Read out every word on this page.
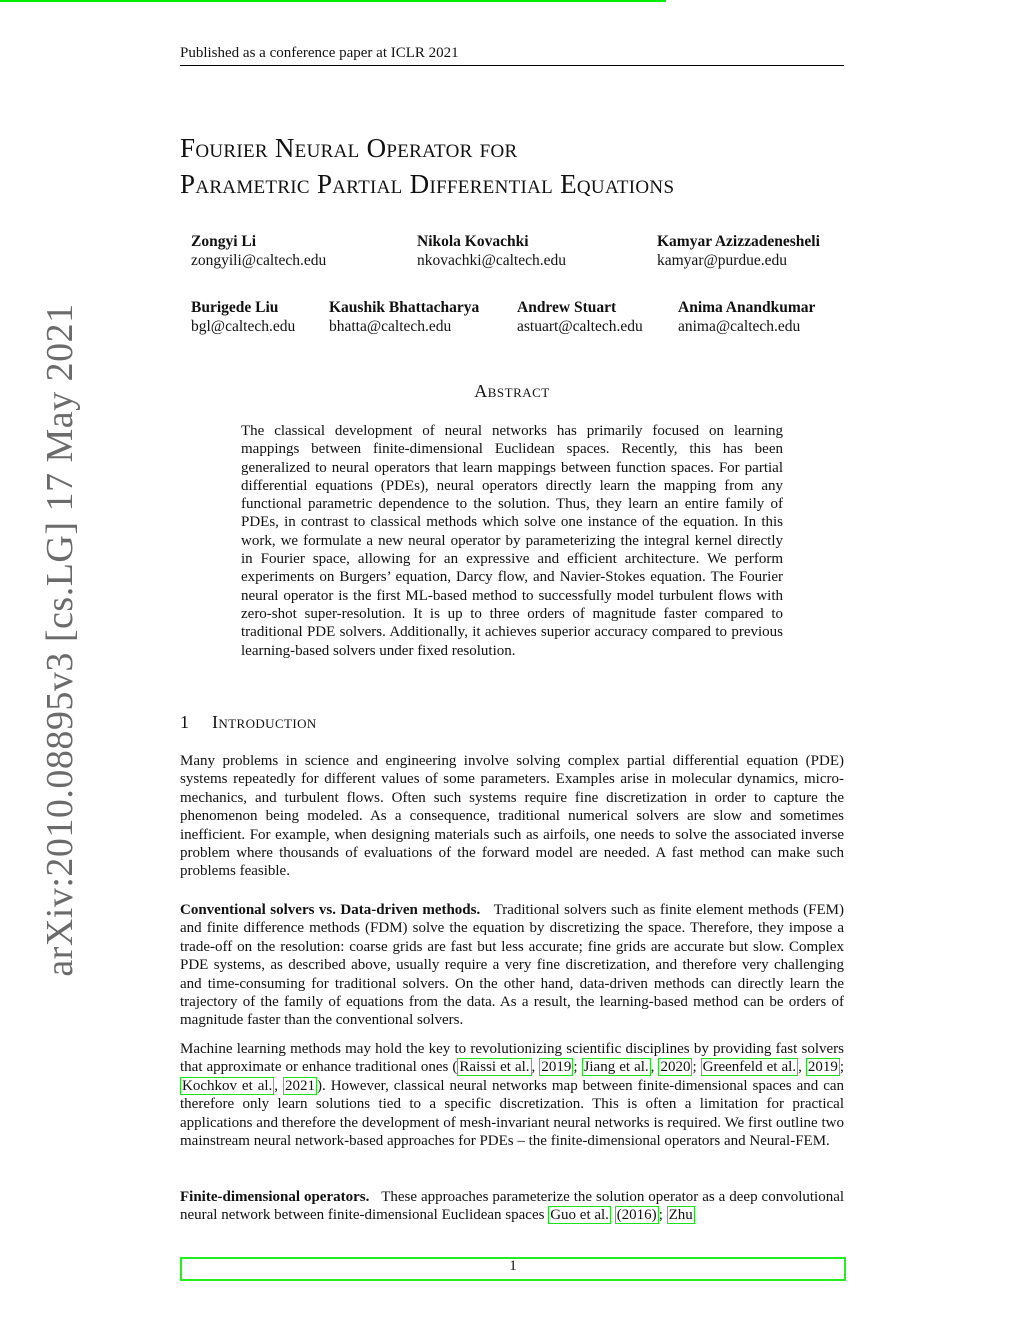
Published as a conference paper at ICLR 2021
arXiv:2010.08895v3 [cs.LG] 17 May 2021
Fourier Neural Operator for
Parametric Partial Differential Equations
Zongyi Li
zongyili@caltech.edu
Nikola Kovachki
nkovachki@caltech.edu
Kamyar Azizzadenesheli
kamyar@purdue.edu
Burigede Liu
bgl@caltech.edu
Kaushik Bhattacharya
bhatta@caltech.edu
Andrew Stuart
astuart@caltech.edu
Anima Anandkumar
anima@caltech.edu
Abstract
The classical development of neural networks has primarily focused on learning mappings between finite-dimensional Euclidean spaces. Recently, this has been generalized to neural operators that learn mappings between function spaces. For partial differential equations (PDEs), neural operators directly learn the mapping from any functional parametric dependence to the solution. Thus, they learn an entire family of PDEs, in contrast to classical methods which solve one instance of the equation. In this work, we formulate a new neural operator by parameterizing the integral kernel directly in Fourier space, allowing for an expressive and efficient architecture. We perform experiments on Burgers’ equation, Darcy flow, and Navier-Stokes equation. The Fourier neural operator is the first ML-based method to successfully model turbulent flows with zero-shot super-resolution. It is up to three orders of magnitude faster compared to traditional PDE solvers. Additionally, it achieves superior accuracy compared to previous learning-based solvers under fixed resolution.
1 Introduction

Many problems in science and engineering involve solving complex partial differential equation (PDE) systems repeatedly for different values of some parameters. Examples arise in molecular dynamics, micro-mechanics, and turbulent flows. Often such systems require fine discretization in order to capture the phenomenon being modeled. As a consequence, traditional numerical solvers are slow and sometimes inefficient. For example, when designing materials such as airfoils, one needs to solve the associated inverse problem where thousands of evaluations of the forward model are needed. A fast method can make such problems feasible.

Conventional solvers vs. Data-driven methods. Traditional solvers such as finite element methods (FEM) and finite difference methods (FDM) solve the equation by discretizing the space. Therefore, they impose a trade-off on the resolution: coarse grids are fast but less accurate; fine grids are accurate but slow. Complex PDE systems, as described above, usually require a very fine discretization, and therefore very challenging and time-consuming for traditional solvers. On the other hand, data-driven methods can directly learn the trajectory of the family of equations from the data. As a result, the learning-based method can be orders of magnitude faster than the conventional solvers.

Machine learning methods may hold the key to revolutionizing scientific disciplines by providing fast solvers that approximate or enhance traditional ones ( Raissi et al. , 2019 ; Jiang et al. , 2020 ; Greenfeld et al. , 2019 ; Kochkov et al. , 2021 ). However, classical neural networks map between finite-dimensional spaces and can therefore only learn solutions tied to a specific discretization. This is often a limitation for practical applications and therefore the development of mesh-invariant neural networks is required. We first outline two mainstream neural network-based approaches for PDEs – the finite-dimensional operators and Neural-FEM.

Finite-dimensional operators. These approaches parameterize the solution operator as a deep convolutional neural network between finite-dimensional Euclidean spaces Guo et al. (2016) ; Zhu

1
